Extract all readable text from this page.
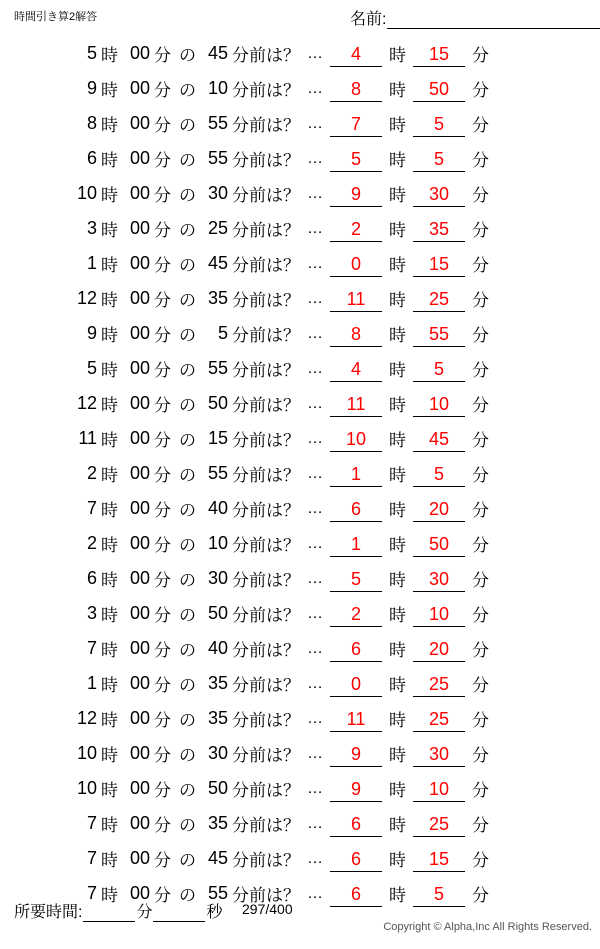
時間引き算2解答	名前:
5 時 00 分 の 45 分前は？ … 4	時	15	分
9 時 00 分 の 10 分前は？ … 8	時	50	分
8 時 00 分 の 55 分前は？ … 7	時	5	分
6 時 00 分 の 55 分前は？ … 5	時	5	分
10 時 00 分 の 30 分前は？ … 9	時	30	分
3 時 00 分 の 25 分前は？ … 2	時	35	分
1 時 00 分 の 45 分前は？ … 0	時	15	分
12 時 00 分 の 35 分前は？ … 11	時	25	分
9 時 00 分 の	5 分前は？ … 8	時	55	分
5 時 00 分 の 55 分前は？ … 4	時	5	分
12 時 00 分 の 50 分前は？ … 11	時	10	分
11 時 00 分 の 15 分前は？ … 10	時	45	分
2 時 00 分 の 55 分前は？ … 1	時	5	分
7 時 00 分 の 40 分前は？ … 6	時	20	分
2 時 00 分 の 10 分前は？ … 1	時	50	分
6 時 00 分 の 30 分前は？ … 5	時	30	分
3 時 00 分 の 50 分前は？ … 2	時	10	分
7 時 00 分 の 40 分前は？ … 6	時	20	分
1 時 00 分 の 35 分前は？ … 0	時	25	分
12 時 00 分 の 35 分前は？ … 11	時	25	分
10 時 00 分 の 30 分前は？ … 9	時	30	分
10 時 00 分 の 50 分前は？ … 9	時	10	分
7 時 00 分 の 35 分前は？ … 6	時	25	分
7 時 00 分 の 45 分前は？ … 6	時	15	分
7 時 00 分 の 55 分前は？ … 6	時	5	分
所要時間:	分	秒 297/400
Copyright © Alpha,Inc All Rights Reserved.
